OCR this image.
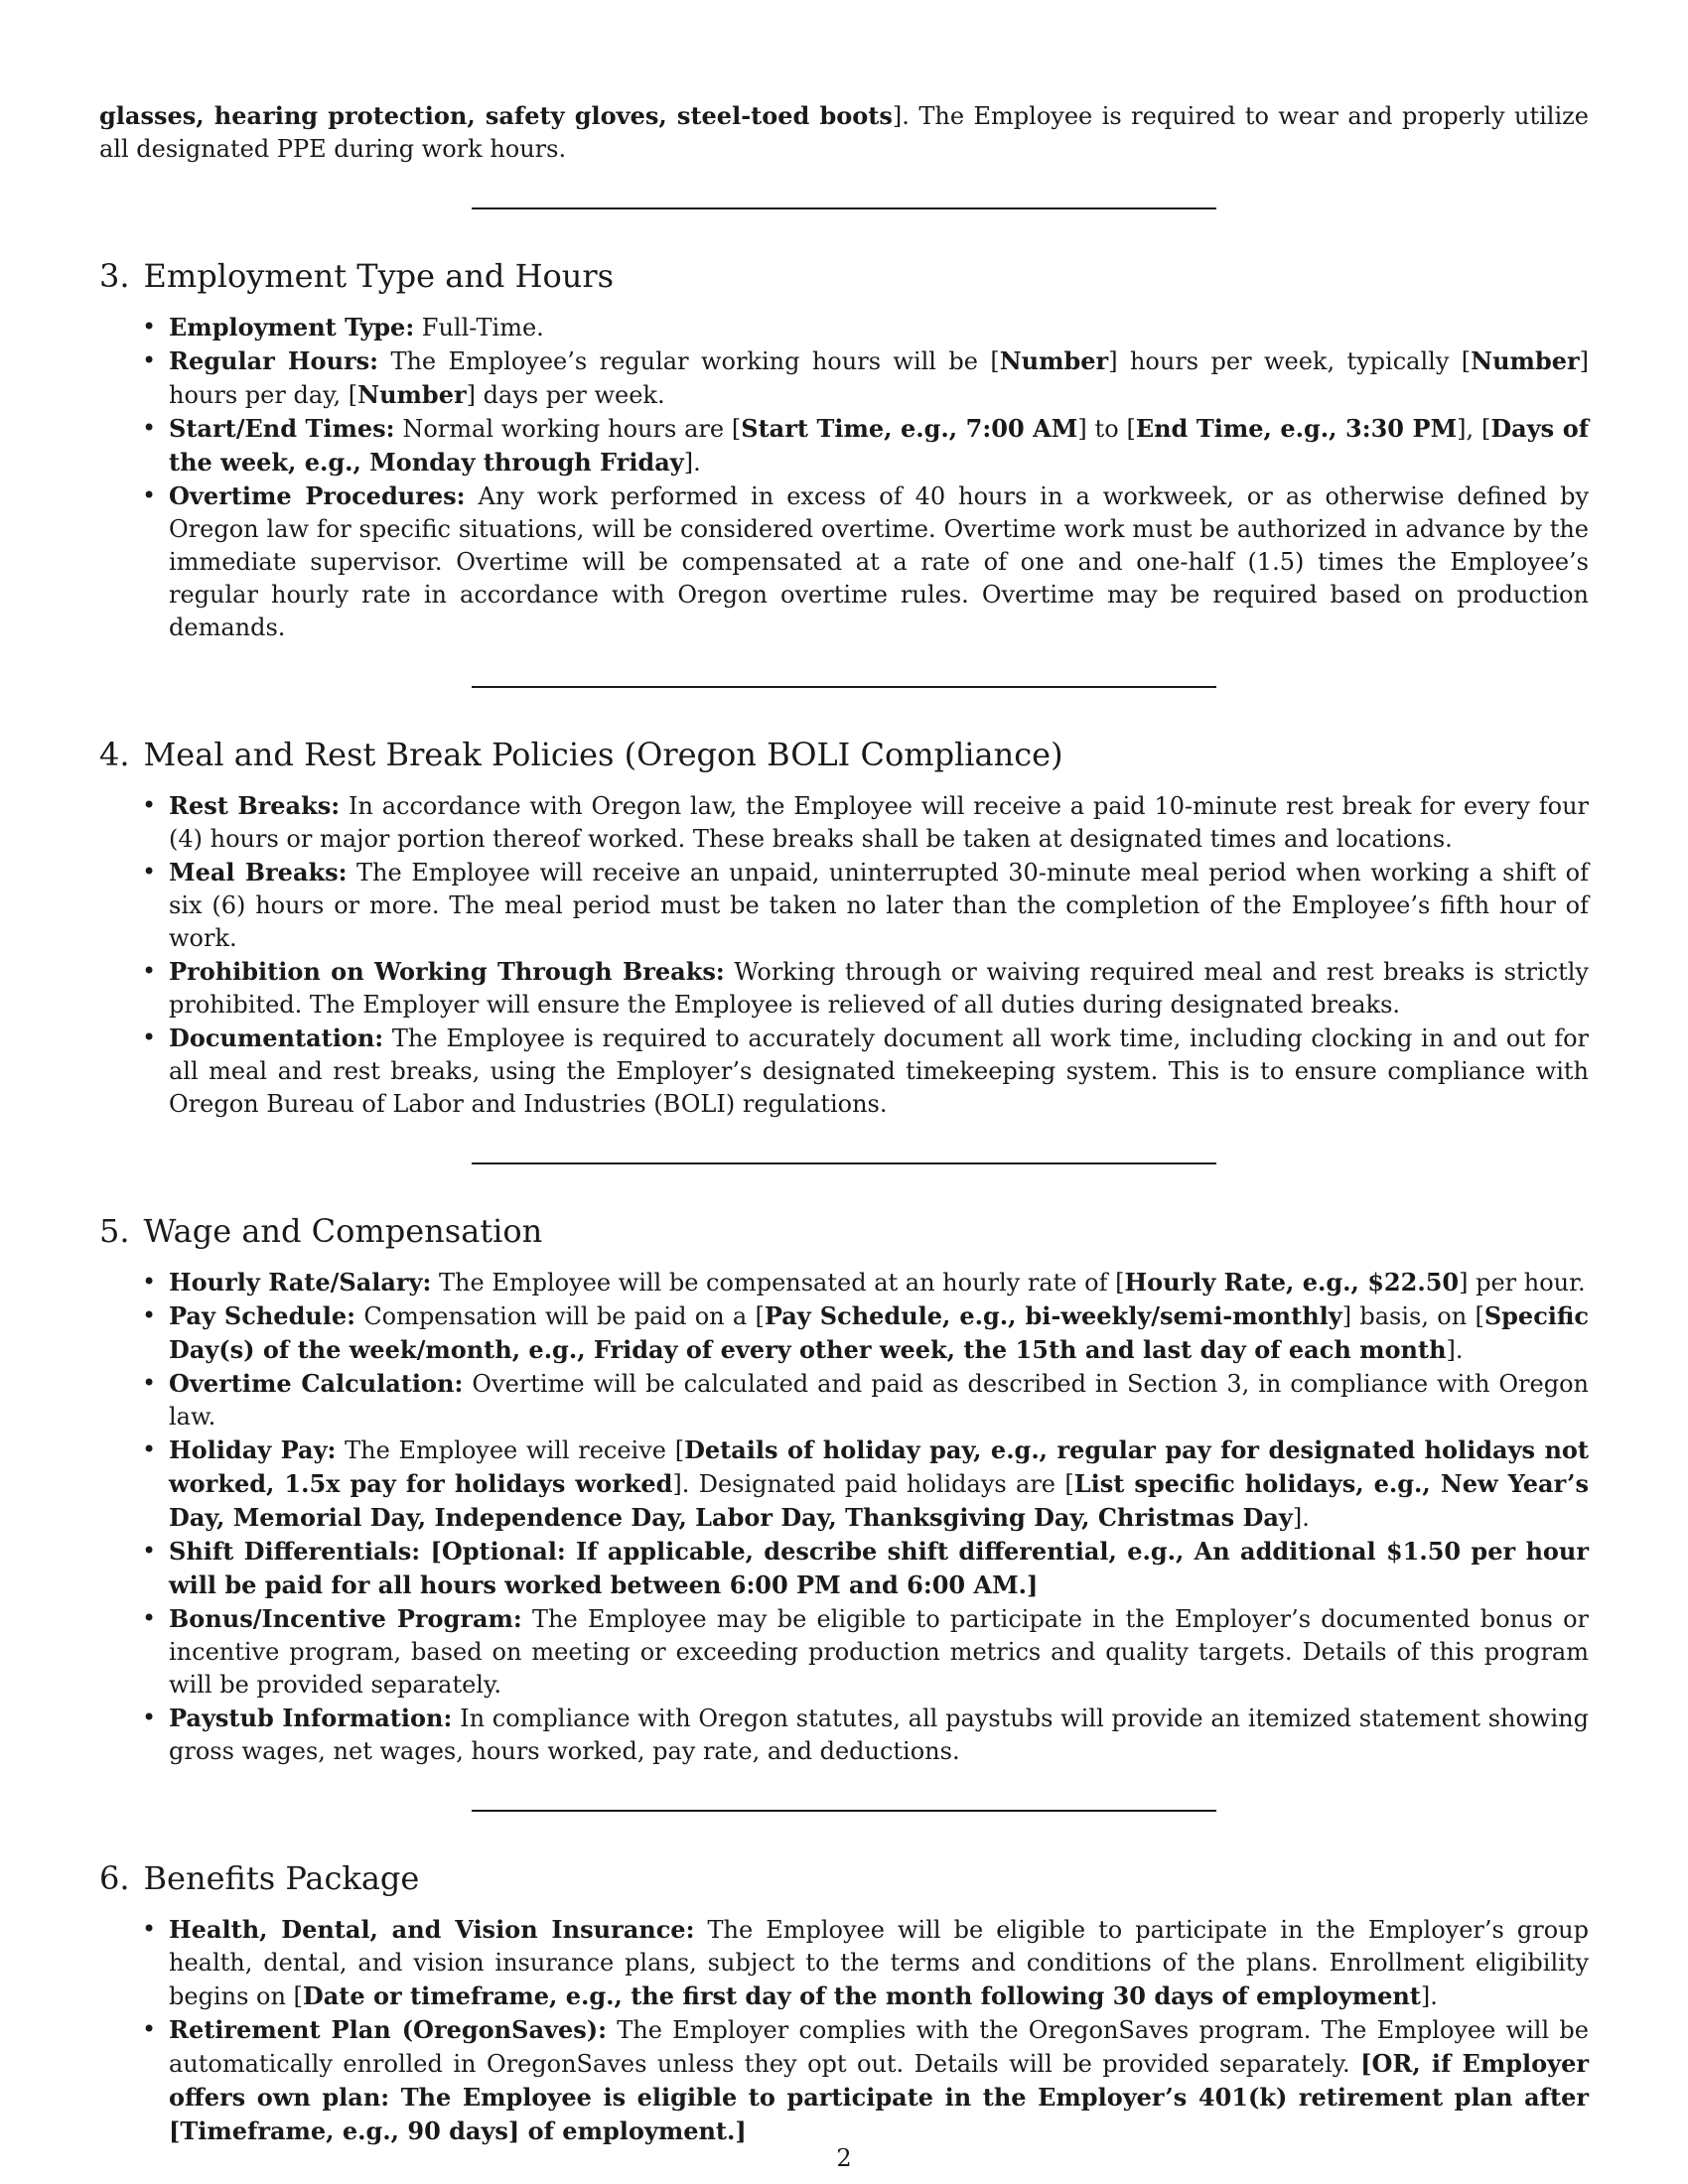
glasses, hearing protection, safety gloves, steel-toed boots]. The Employee is required to wear and properly utilize all designated PPE during work hours.

3. Employment Type and Hours
• Employment Type: Full-Time.
• Regular Hours: The Employee’s regular working hours will be [Number] hours per week, typically [Number] hours per day, [Number] days per week.
• Start/End Times: Normal working hours are [Start Time, e.g., 7:00 AM] to [End Time, e.g., 3:30 PM], [Days of the week, e.g., Monday through Friday].
• Overtime Procedures: Any work performed in excess of 40 hours in a workweek, or as otherwise defined by Oregon law for specific situations, will be considered overtime. Overtime work must be authorized in advance by the immediate supervisor. Overtime will be compensated at a rate of one and one-half (1.5) times the Employee’s regular hourly rate in accordance with Oregon overtime rules. Overtime may be required based on production demands.
4. Meal and Rest Break Policies (Oregon BOLI Compliance)
• Rest Breaks: In accordance with Oregon law, the Employee will receive a paid 10-minute rest break for every four (4) hours or major portion thereof worked. These breaks shall be taken at designated times and locations.
• Meal Breaks: The Employee will receive an unpaid, uninterrupted 30-minute meal period when working a shift of six (6) hours or more. The meal period must be taken no later than the completion of the Employee’s fifth hour of work.
• Prohibition on Working Through Breaks: Working through or waiving required meal and rest breaks is strictly prohibited. The Employer will ensure the Employee is relieved of all duties during designated breaks.
• Documentation: The Employee is required to accurately document all work time, including clocking in and out for all meal and rest breaks, using the Employer’s designated timekeeping system. This is to ensure compliance with Oregon Bureau of Labor and Industries (BOLI) regulations.
5. Wage and Compensation
• Hourly Rate/Salary: The Employee will be compensated at an hourly rate of [Hourly Rate, e.g., $22.50] per hour.
• Pay Schedule: Compensation will be paid on a [Pay Schedule, e.g., bi-weekly/semi-monthly] basis, on [Specific Day(s) of the week/month, e.g., Friday of every other week, the 15th and last day of each month].
• Overtime Calculation: Overtime will be calculated and paid as described in Section 3, in compliance with Oregon law.
• Holiday Pay: The Employee will receive [Details of holiday pay, e.g., regular pay for designated holidays not worked, 1.5x pay for holidays worked]. Designated paid holidays are [List specific holidays, e.g., New Year’s Day, Memorial Day, Independence Day, Labor Day, Thanksgiving Day, Christmas Day].
• Shift Differentials: [Optional: If applicable, describe shift differential, e.g., An additional $1.50 per hour will be paid for all hours worked between 6:00 PM and 6:00 AM.]
• Bonus/Incentive Program: The Employee may be eligible to participate in the Employer’s documented bonus or incentive program, based on meeting or exceeding production metrics and quality targets. Details of this program will be provided separately.
• Paystub Information: In compliance with Oregon statutes, all paystubs will provide an itemized statement showing gross wages, net wages, hours worked, pay rate, and deductions.
6. Benefits Package
• Health, Dental, and Vision Insurance: The Employee will be eligible to participate in the Employer’s group health, dental, and vision insurance plans, subject to the terms and conditions of the plans. Enrollment eligibility begins on [Date or timeframe, e.g., the first day of the month following 30 days of employment].
• Retirement Plan (OregonSaves): The Employer complies with the OregonSaves program. The Employee will be automatically enrolled in OregonSaves unless they opt out. Details will be provided separately. [OR, if Employer offers own plan: The Employee is eligible to participate in the Employer’s 401(k) retirement plan after [Timeframe, e.g., 90 days] of employment.]
2
